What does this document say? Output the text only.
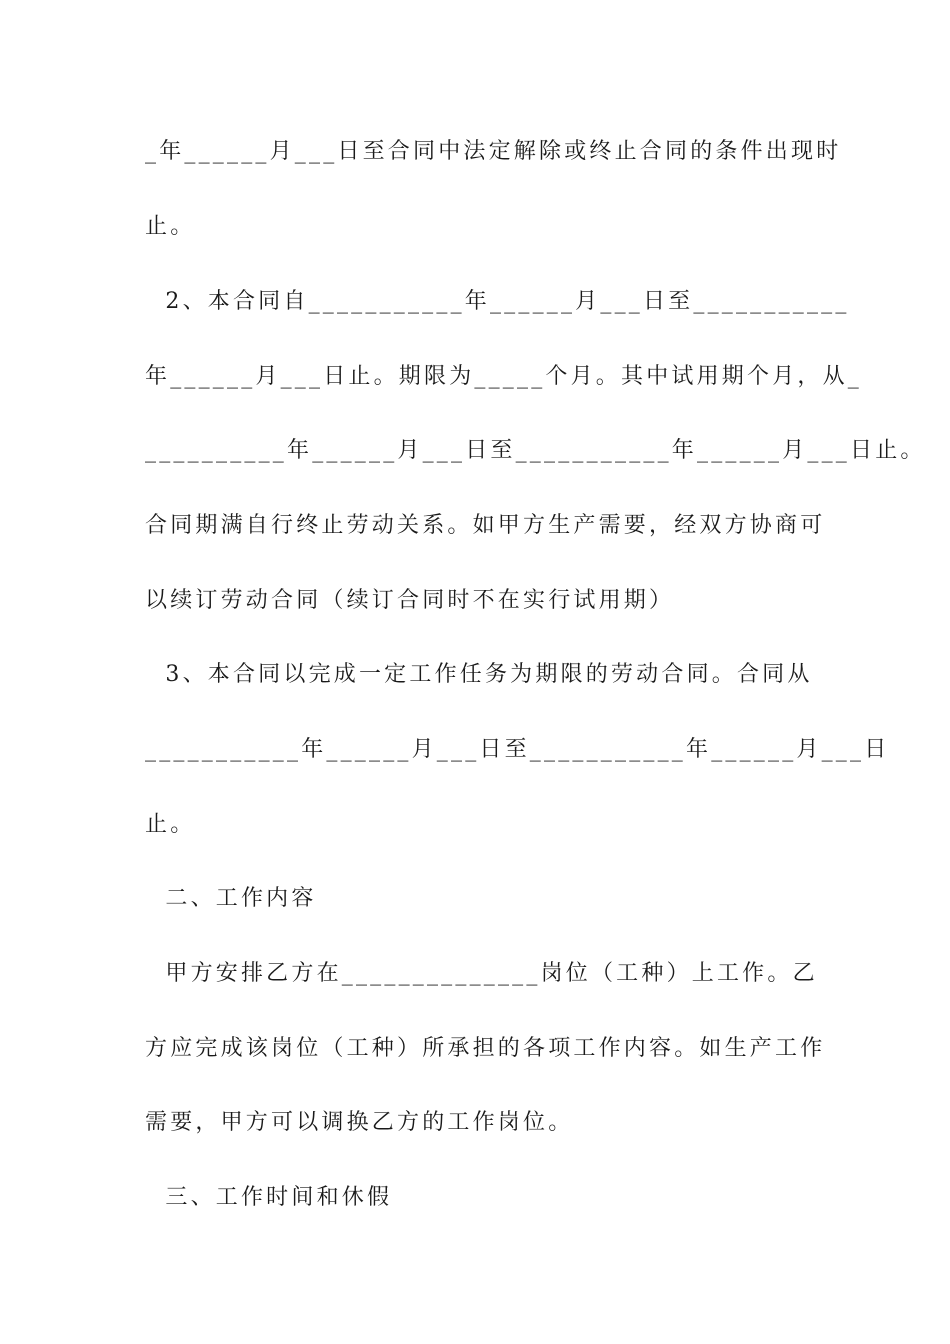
_年______月___日至合同中法定解除或终止合同的条件出现时
止。
2、本合同自___________年______月___日至___________
年______月___日止。期限为_____个月。其中试用期个月，从_
__________年______月___日至___________年______月___日止。
合同期满自行终止劳动关系。如甲方生产需要，经双方协商可
以续订劳动合同（续订合同时不在实行试用期）
3、本合同以完成一定工作任务为期限的劳动合同。合同从
___________年______月___日至___________年______月___日
止。
二、工作内容
甲方安排乙方在______________岗位（工种）上工作。乙
方应完成该岗位（工种）所承担的各项工作内容。如生产工作
需要，甲方可以调换乙方的工作岗位。
三、工作时间和休假
